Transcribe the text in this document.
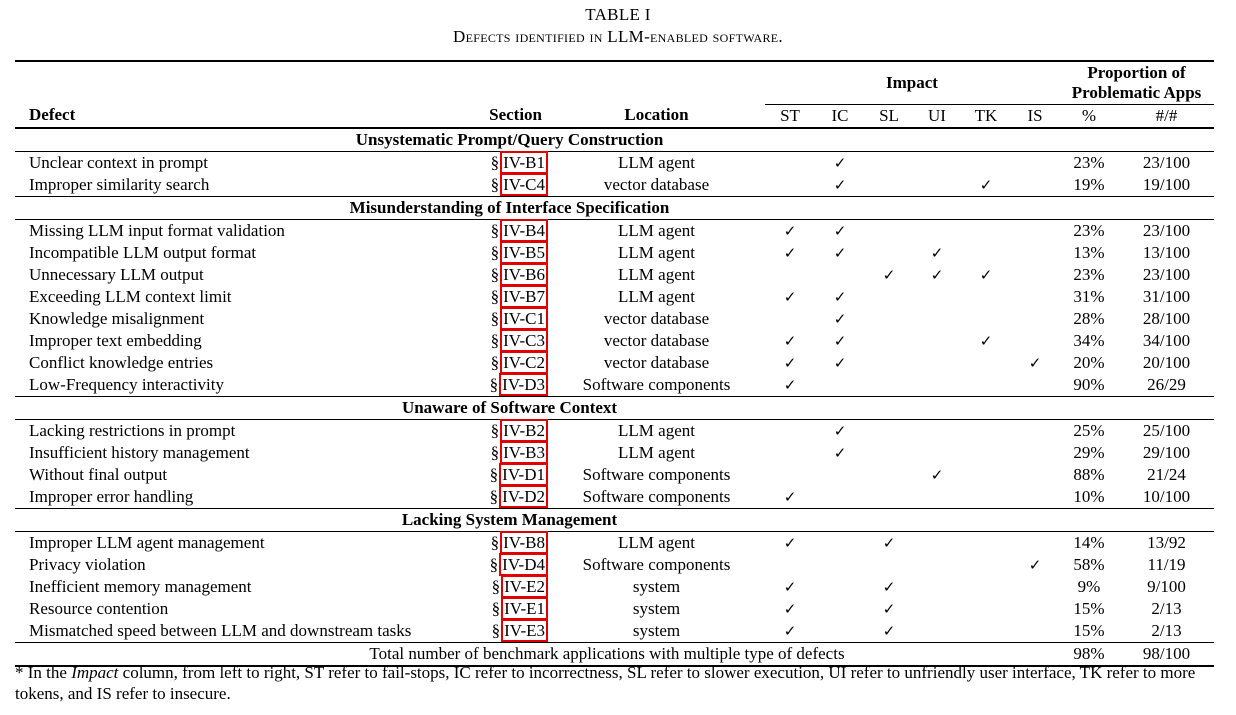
TABLE I
Defects identified in LLM-enabled software.
Defect	Section	Location	Impact						Proportion of
Problematic Apps	

			ST	IC	SL	UI	TK	IS	%	#/#
Unsystematic Prompt/Query Construction										
Unclear context in prompt	§ IV-B1	LLM agent		✓					23%	23/100
Improper similarity search	§ IV-C4	vector database		✓			✓		19%	19/100
Misunderstanding of Interface Specification										
Missing LLM input format validation	§ IV-B4	LLM agent	✓	✓					23%	23/100
Incompatible LLM output format	§ IV-B5	LLM agent	✓	✓		✓			13%	13/100
Unnecessary LLM output	§ IV-B6	LLM agent			✓	✓	✓		23%	23/100
Exceeding LLM context limit	§ IV-B7	LLM agent	✓	✓					31%	31/100
Knowledge misalignment	§ IV-C1	vector database		✓					28%	28/100
Improper text embedding	§ IV-C3	vector database	✓	✓			✓		34%	34/100
Conflict knowledge entries	§ IV-C2	vector database	✓	✓				✓	20%	20/100
Low-Frequency interactivity	§ IV-D3	Software components	✓						90%	26/29
Unaware of Software Context										
Lacking restrictions in prompt	§ IV-B2	LLM agent		✓					25%	25/100
Insufficient history management	§ IV-B3	LLM agent		✓					29%	29/100
Without final output	§ IV-D1	Software components				✓			88%	21/24
Improper error handling	§ IV-D2	Software components	✓						10%	10/100
Lacking System Management										
Improper LLM agent management	§ IV-B8	LLM agent	✓		✓				14%	13/92
Privacy violation	§ IV-D4	Software components						✓	58%	11/19
Inefficient memory management	§ IV-E2	system	✓		✓				9%	9/100
Resource contention	§ IV-E1	system	✓		✓				15%	2/13
Mismatched speed between LLM and downstream tasks	§ IV-E3	system	✓		✓				15%	2/13
Total number of benchmark applications with multiple type of defects									98%	98/100
* In the Impact column, from left to right, ST refer to fail-stops, IC refer to incorrectness, SL refer to slower execution, UI refer to unfriendly user interface, TK refer to more tokens, and IS refer to insecure.
